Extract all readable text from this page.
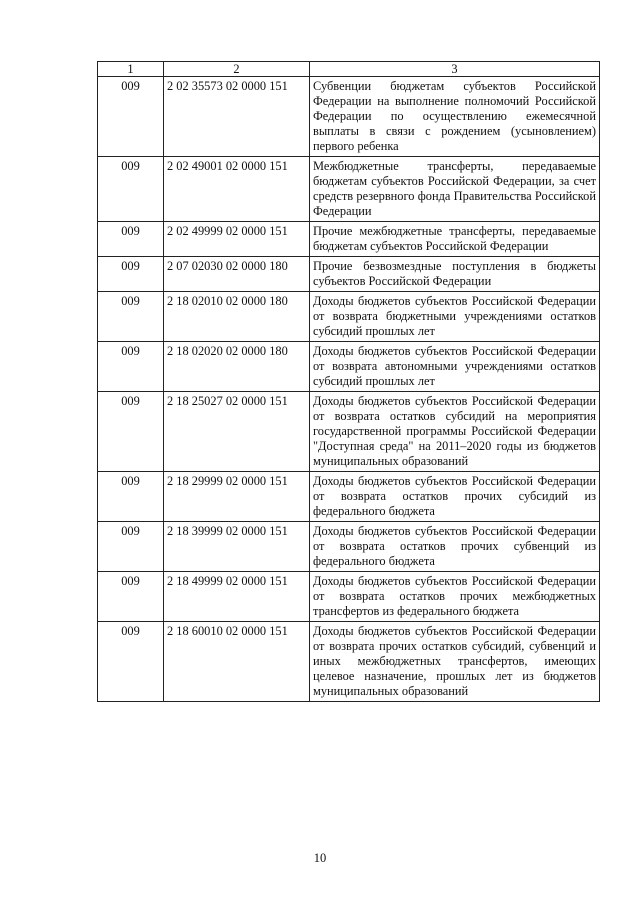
1	2	3
009	2 02 35573 02 0000 151	Субвенции бюджетам субъектов Российской Федерации на выполнение полномочий Российской Федерации по осуществлению ежемесячной выплаты в связи с рождением (усыновлением) первого ребенка
009	2 02 49001 02 0000 151	Межбюджетные трансферты, передаваемые бюджетам субъектов Российской Федерации, за счет средств резервного фонда Правительства Российской Федерации
009	2 02 49999 02 0000 151	Прочие межбюджетные трансферты, передаваемые бюджетам субъектов Российской Федерации
009	2 07 02030 02 0000 180	Прочие безвозмездные поступления в бюджеты субъектов Российской Федерации
009	2 18 02010 02 0000 180	Доходы бюджетов субъектов Российской Федерации от возврата бюджетными учреждениями остатков субсидий прошлых лет
009	2 18 02020 02 0000 180	Доходы бюджетов субъектов Российской Федерации от возврата автономными учреждениями остатков субсидий прошлых лет
009	2 18 25027 02 0000 151	Доходы бюджетов субъектов Российской Федерации от возврата остатков субсидий на мероприятия государственной программы Российской Федерации "Доступная среда" на 2011–2020 годы из бюджетов муниципальных образований
009	2 18 29999 02 0000 151	Доходы бюджетов субъектов Российской Федерации от возврата остатков прочих субсидий из федерального бюджета
009	2 18 39999 02 0000 151	Доходы бюджетов субъектов Российской Федерации от возврата остатков прочих субвенций из федерального бюджета
009	2 18 49999 02 0000 151	Доходы бюджетов субъектов Российской Федерации от возврата остатков прочих межбюджетных трансфертов из федерального бюджета
009	2 18 60010 02 0000 151	Доходы бюджетов субъектов Российской Федерации от возврата прочих остатков субсидий, субвенций и иных межбюджетных трансфертов, имеющих целевое назначение, прошлых лет из бюджетов муниципальных образований
10
